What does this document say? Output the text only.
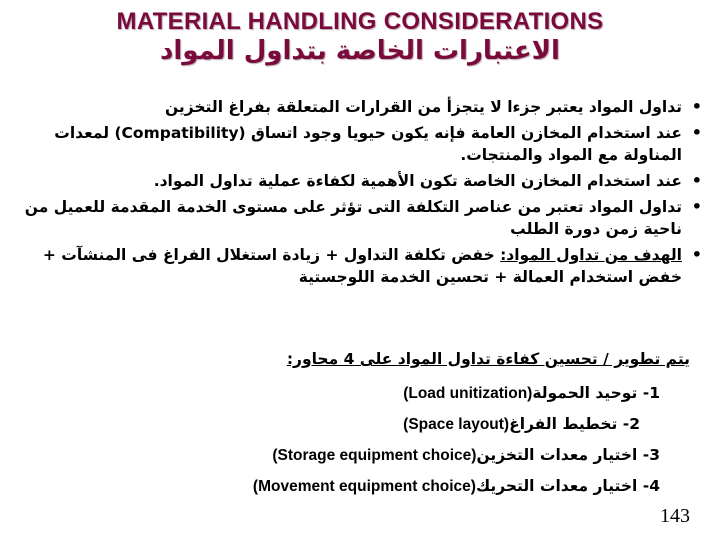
MATERIAL HANDLING CONSIDERATIONS
الاعتبارات الخاصة بتداول المواد
• تداول المواد يعتبر جزءا لا يتجزأ من القرارات المتعلقة بفراغ التخزين
• عند استخدام المخازن العامة فإنه يكون حيويا وجود اتساق (Compatibility) لمعدات المناولة مع المواد والمنتجات.
• عند استخدام المخازن الخاصة تكون الأهمية لكفاءة عملية تداول المواد.
• تداول المواد تعتبر من عناصر التكلفة التى تؤثر على مستوى الخدمة المقدمة للعميل من ناحية زمن دورة الطلب
• الهدف من تداول المواد: خفض تكلفة التداول + زيادة استغلال الفراغ فى المنشآت + خفض استخدام العمالة + تحسين الخدمة اللوجستية
يتم تطوير / تحسين كفاءة تداول المواد على 4 محاور:
1- توحيد الحمولة(Load unitization)
2- تخطيط الفراغ(Space layout)
3- اختيار معدات التخزين(Storage equipment choice)
4- اختيار معدات التحريك(Movement equipment choice)
143
